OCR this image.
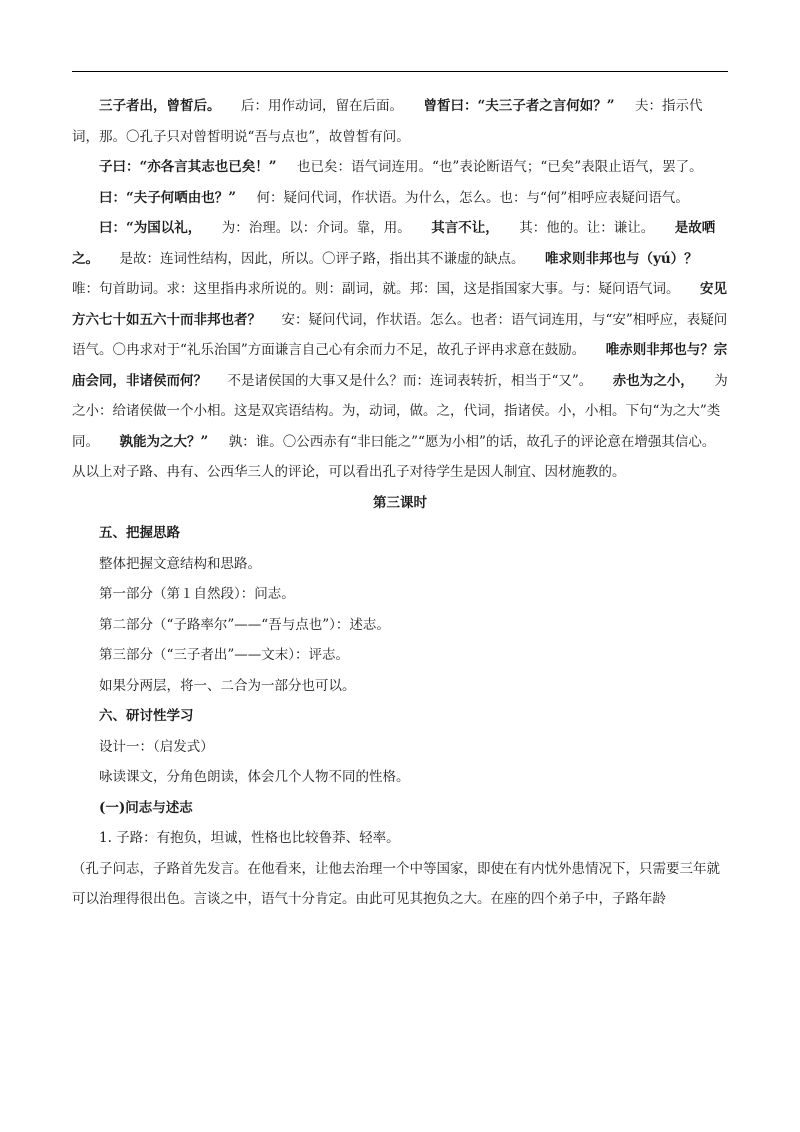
三子者出，曾皙后。 后：用作动词，留在后面。 曾皙曰：“夫三子者之言何如？” 夫：指示代词，那。〇孔子只对曾皙明说“吾与点也”，故曾皙有问。

子曰：“亦各言其志也已矣！” 也已矣：语气词连用。“也”表论断语气；“已矣”表限止语气，罢了。

曰：“夫子何哂由也？” 何：疑问代词，作状语。为什么，怎么。也：与“何”相呼应表疑问语气。

曰：“为国以礼， 为：治理。以：介词。靠，用。 其言不让， 其：他的。让：谦让。 是故哂之。 是故：连词性结构，因此，所以。〇评子路，指出其不谦虚的缺点。 唯求则非邦也与（yú）？ 唯：句首助词。求：这里指冉求所说的。则：副词，就。邦：国，这是指国家大事。与：疑问语气词。 安见方六七十如五六十而非邦也者？ 安：疑问代词，作状语。怎么。也者：语气词连用，与“安”相呼应，表疑问语气。〇冉求对于“礼乐治国”方面谦言自己心有余而力不足，故孔子评冉求意在鼓励。 唯赤则非邦也与？宗庙会同，非诸侯而何？ 不是诸侯国的大事又是什么？而：连词表转折，相当于“又”。 赤也为之小， 为之小：给诸侯做一个小相。这是双宾语结构。为，动词，做。之，代词，指诸侯。小，小相。下句“为之大”类同。 孰能为之大？” 孰：谁。〇公西赤有“非曰能之”“愿为小相”的话，故孔子的评论意在增强其信心。从以上对子路、冉有、公西华三人的评论，可以看出孔子对待学生是因人制宜、因材施教的。

第三课时

五、把握思路

整体把握文意结构和思路。

第一部分（第１自然段）：问志。

第二部分（“子路率尔”——“吾与点也”）：述志。

第三部分（“三子者出”——文末）：评志。

如果分两层，将一、二合为一部分也可以。

六、研讨性学习

设计一：（启发式）

咏读课文，分角色朗读，体会几个人物不同的性格。

(一)问志与述志

1. 子路：有抱负，坦诚，性格也比较鲁莽、轻率。

（孔子问志，子路首先发言。在他看来，让他去治理一个中等国家，即使在有内忧外患情况下，只需要三年就可以治理得很出色。言谈之中，语气十分肯定。由此可见其抱负之大。在座的四个弟子中，子路年龄
